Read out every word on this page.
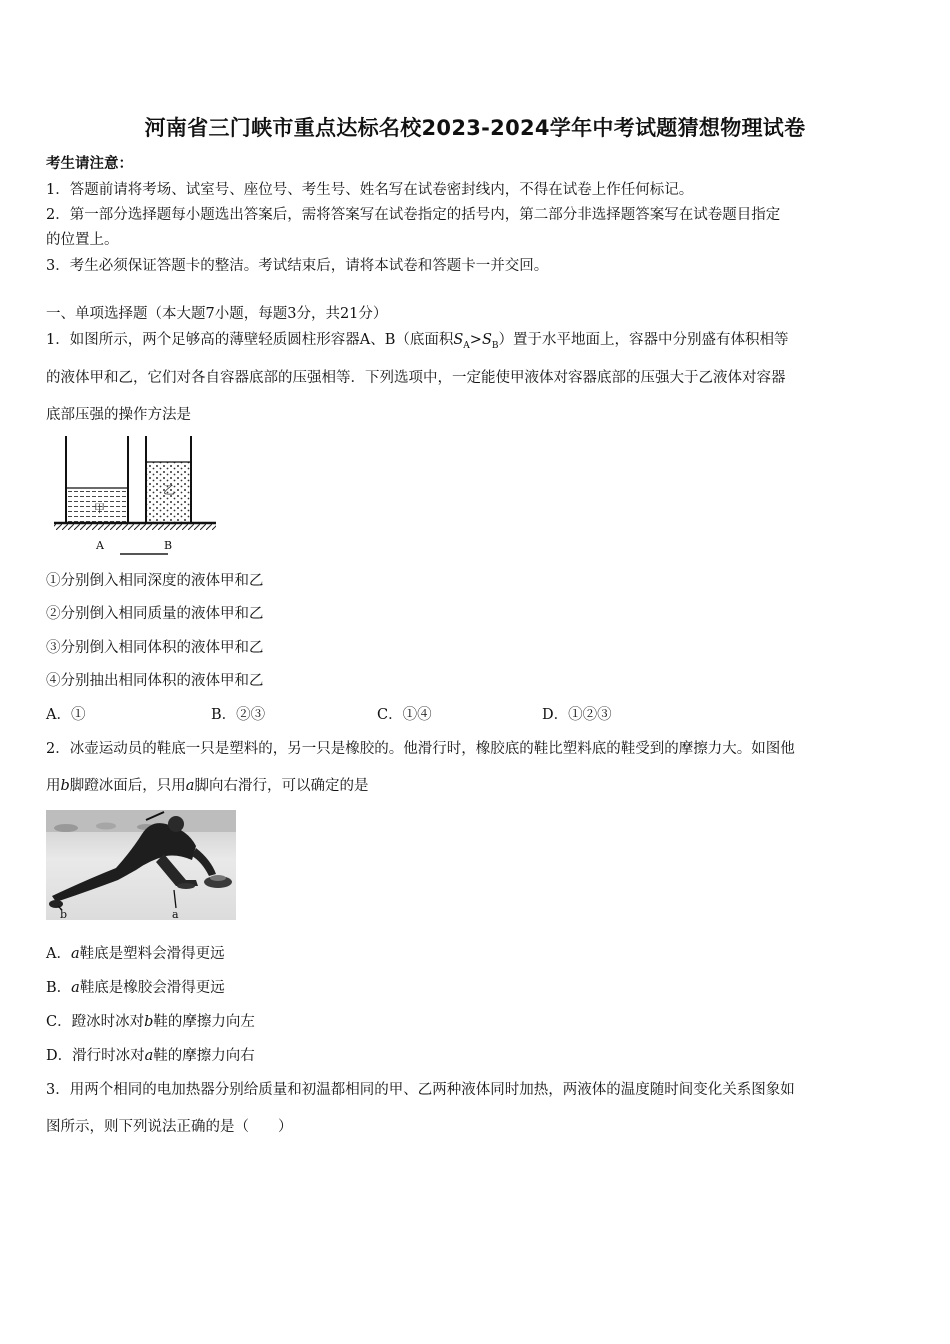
河南省三门峡市重点达标名校2023-2024学年中考试题猜想物理试卷
考生请注意：
1．答题前请将考场、试室号、座位号、考生号、姓名写在试卷密封线内，不得在试卷上作任何标记。
2．第一部分选择题每小题选出答案后，需将答案写在试卷指定的括号内，第二部分非选择题答案写在试卷题目指定
的位置上。
3．考生必须保证答题卡的整洁。考试结束后，请将本试卷和答题卡一并交回。
一、单项选择题（本大题7小题，每题3分，共21分）
1．如图所示，两个足够高的薄壁轻质圆柱形容器A、B（底面积$S_A>S_B$）置于水平地面上，容器中分别盛有体积相等
的液体甲和乙，它们对各自容器底部的压强相等．下列选项中，一定能使甲液体对容器底部的压强大于乙液体对容器
底部压强的操作方法是
甲
乙
A	B
①分别倒入相同深度的液体甲和乙
②分别倒入相同质量的液体甲和乙
③分别倒入相同体积的液体甲和乙
④分别抽出相同体积的液体甲和乙
A．①	B．②③	C．①④	D．①②③
2．冰壶运动员的鞋底一只是塑料的，另一只是橡胶的。他滑行时，橡胶底的鞋比塑料底的鞋受到的摩擦力大。如图他
用b脚蹬冰面后，只用a脚向右滑行，可以确定的是
b	a
A．a鞋底是塑料会滑得更远
B．a鞋底是橡胶会滑得更远
C．蹬冰时冰对b鞋的摩擦力向左
D．滑行时冰对a鞋的摩擦力向右
3．用两个相同的电加热器分别给质量和初温都相同的甲、乙两种液体同时加热，两液体的温度随时间变化关系图象如
图所示，则下列说法正确的是（　　）
